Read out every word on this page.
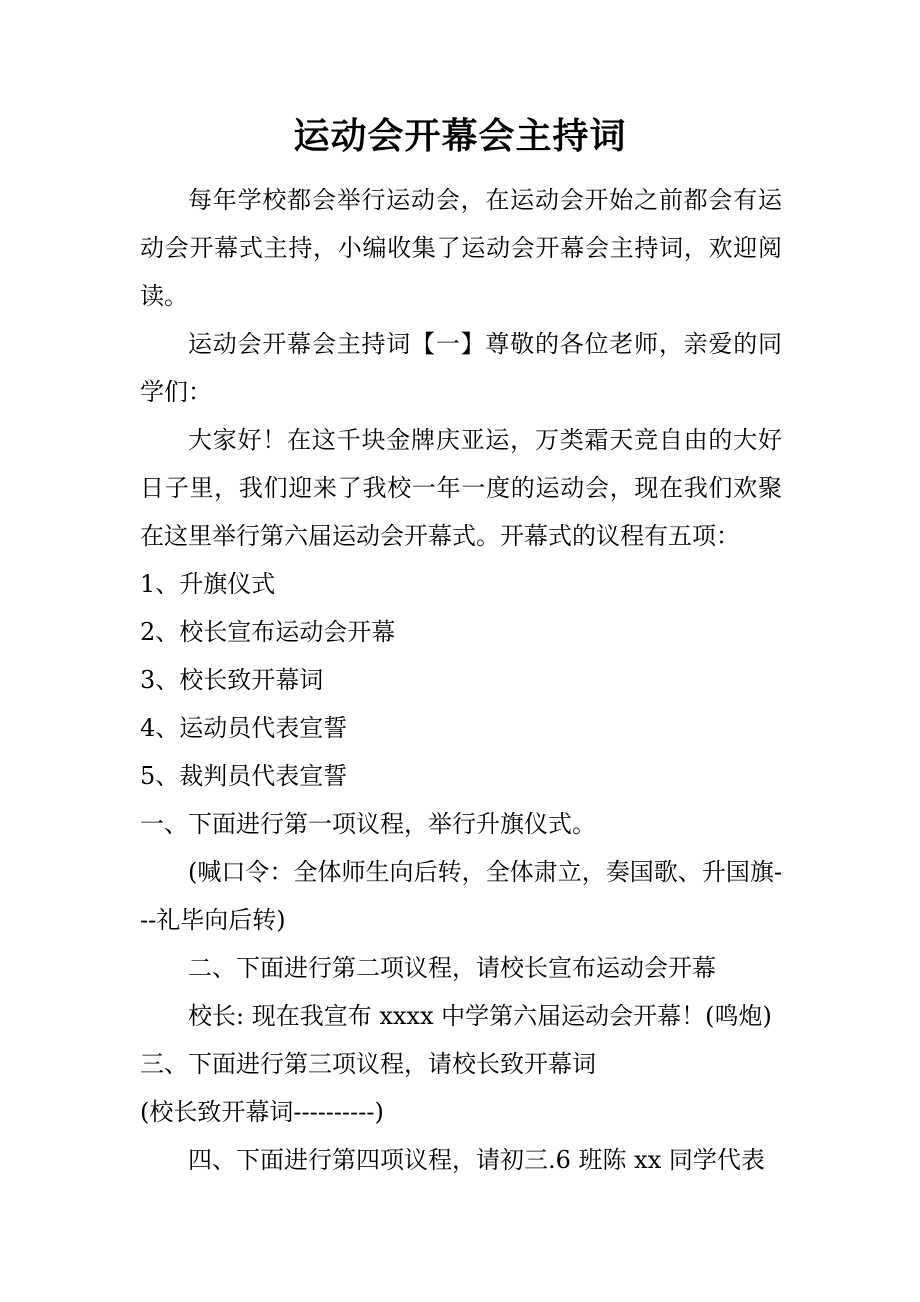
运动会开幕会主持词

每年学校都会举行运动会，在运动会开始之前都会有运动会开幕式主持，小编收集了运动会开幕会主持词，欢迎阅读。

运动会开幕会主持词【一】尊敬的各位老师，亲爱的同学们：

大家好！在这千块金牌庆亚运，万类霜天竞自由的大好日子里，我们迎来了我校一年一度的运动会，现在我们欢聚在这里举行第六届运动会开幕式。开幕式的议程有五项：

1、升旗仪式

2、校长宣布运动会开幕

3、校长致开幕词

4、运动员代表宣誓

5、裁判员代表宣誓

一、下面进行第一项议程，举行升旗仪式。

(喊口令：全体师生向后转，全体肃立，奏国歌、升国旗---礼毕向后转)

二、下面进行第二项议程，请校长宣布运动会开幕

校长: 现在我宣布 xxxx 中学第六届运动会开幕！(鸣炮)

三、下面进行第三项议程，请校长致开幕词

(校长致开幕词----------)

四、下面进行第四项议程，请初三.6 班陈 xx 同学代表
